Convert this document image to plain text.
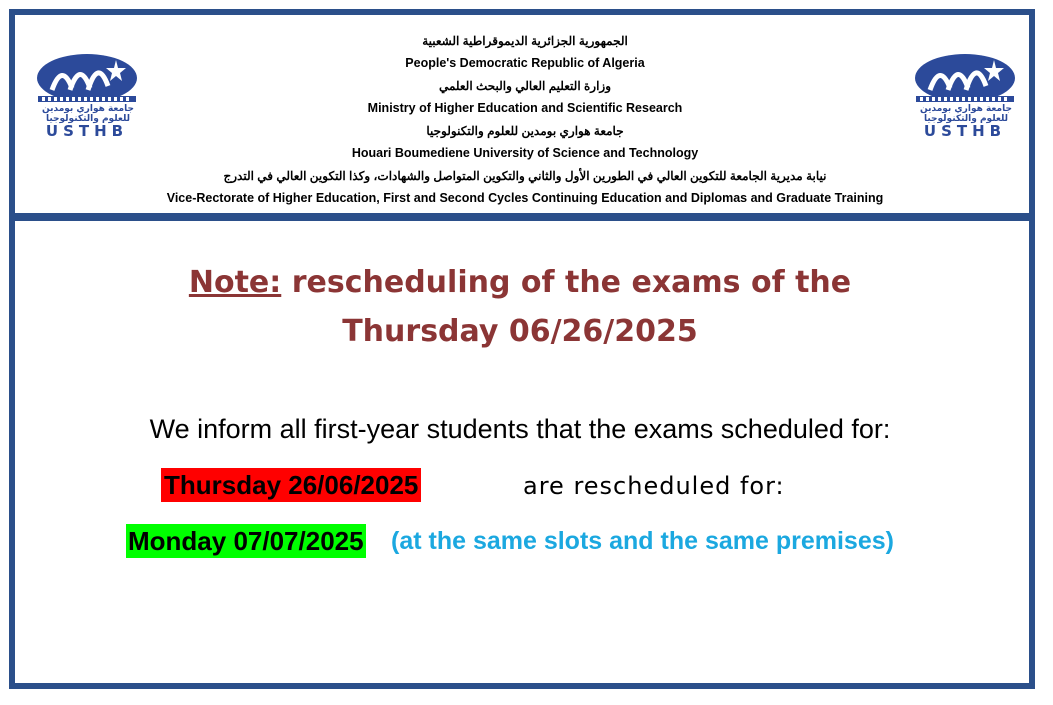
جامعة هواري بومدين للعلوم والتكنولوجيا
USTHB
جامعة هواري بومدين للعلوم والتكنولوجيا
USTHB
الجمهورية الجزائرية الديموقراطية الشعبية
People's Democratic Republic of Algeria
وزارة التعليم العالي والبحث العلمي
Ministry of Higher Education and Scientific Research
جامعة هواري بومدين للعلوم والتكنولوجيا
Houari Boumediene University of Science and Technology
نيابة مديرية الجامعة للتكوين العالي في الطورين الأول والثاني والتكوين المتواصل والشهادات، وكذا التكوين العالي في التدرج
Vice-Rectorate of Higher Education, First and Second Cycles Continuing Education and Diplomas and Graduate Training
Note: rescheduling of the exams of the
Thursday 06/26/2025
We inform all first-year students that the exams scheduled for:
Thursday 26/06/2025	are rescheduled for:
Monday 07/07/2025 (at the same slots and the same premises)
